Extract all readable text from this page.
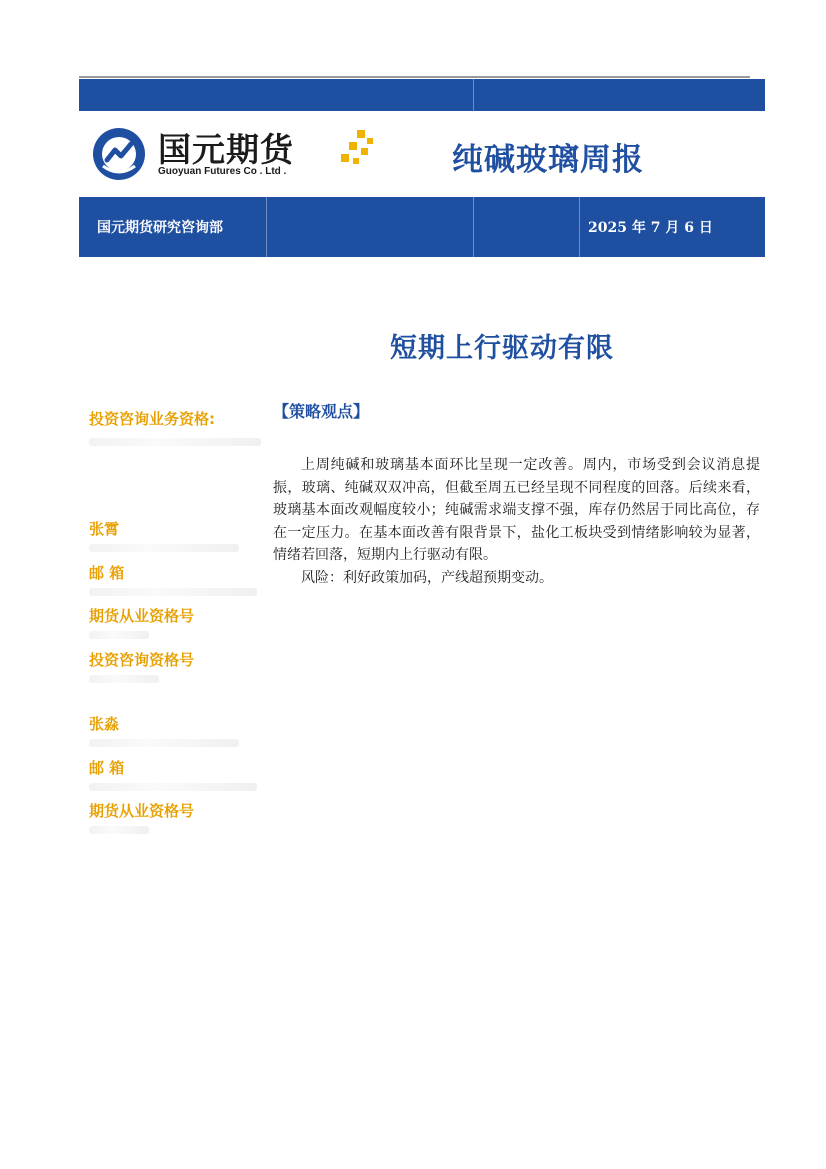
国元期货
Guoyuan Futures Co . Ltd .	纯碱玻璃周报
国元期货研究咨询部	2025 年 7 月 6 日
短期上行驱动有限
投资咨询业务资格:
张霄
邮 箱
期货从业资格号
投资咨询资格号
张淼
邮 箱
期货从业资格号
【策略观点】

上周纯碱和玻璃基本面环比呈现一定改善。周内，市场受到会议消息提振，玻璃、纯碱双双冲高，但截至周五已经呈现不同程度的回落。后续来看，玻璃基本面改观幅度较小；纯碱需求端支撑不强，库存仍然居于同比高位，存在一定压力。在基本面改善有限背景下，盐化工板块受到情绪影响较为显著，情绪若回落，短期内上行驱动有限。

风险：利好政策加码，产线超预期变动。
